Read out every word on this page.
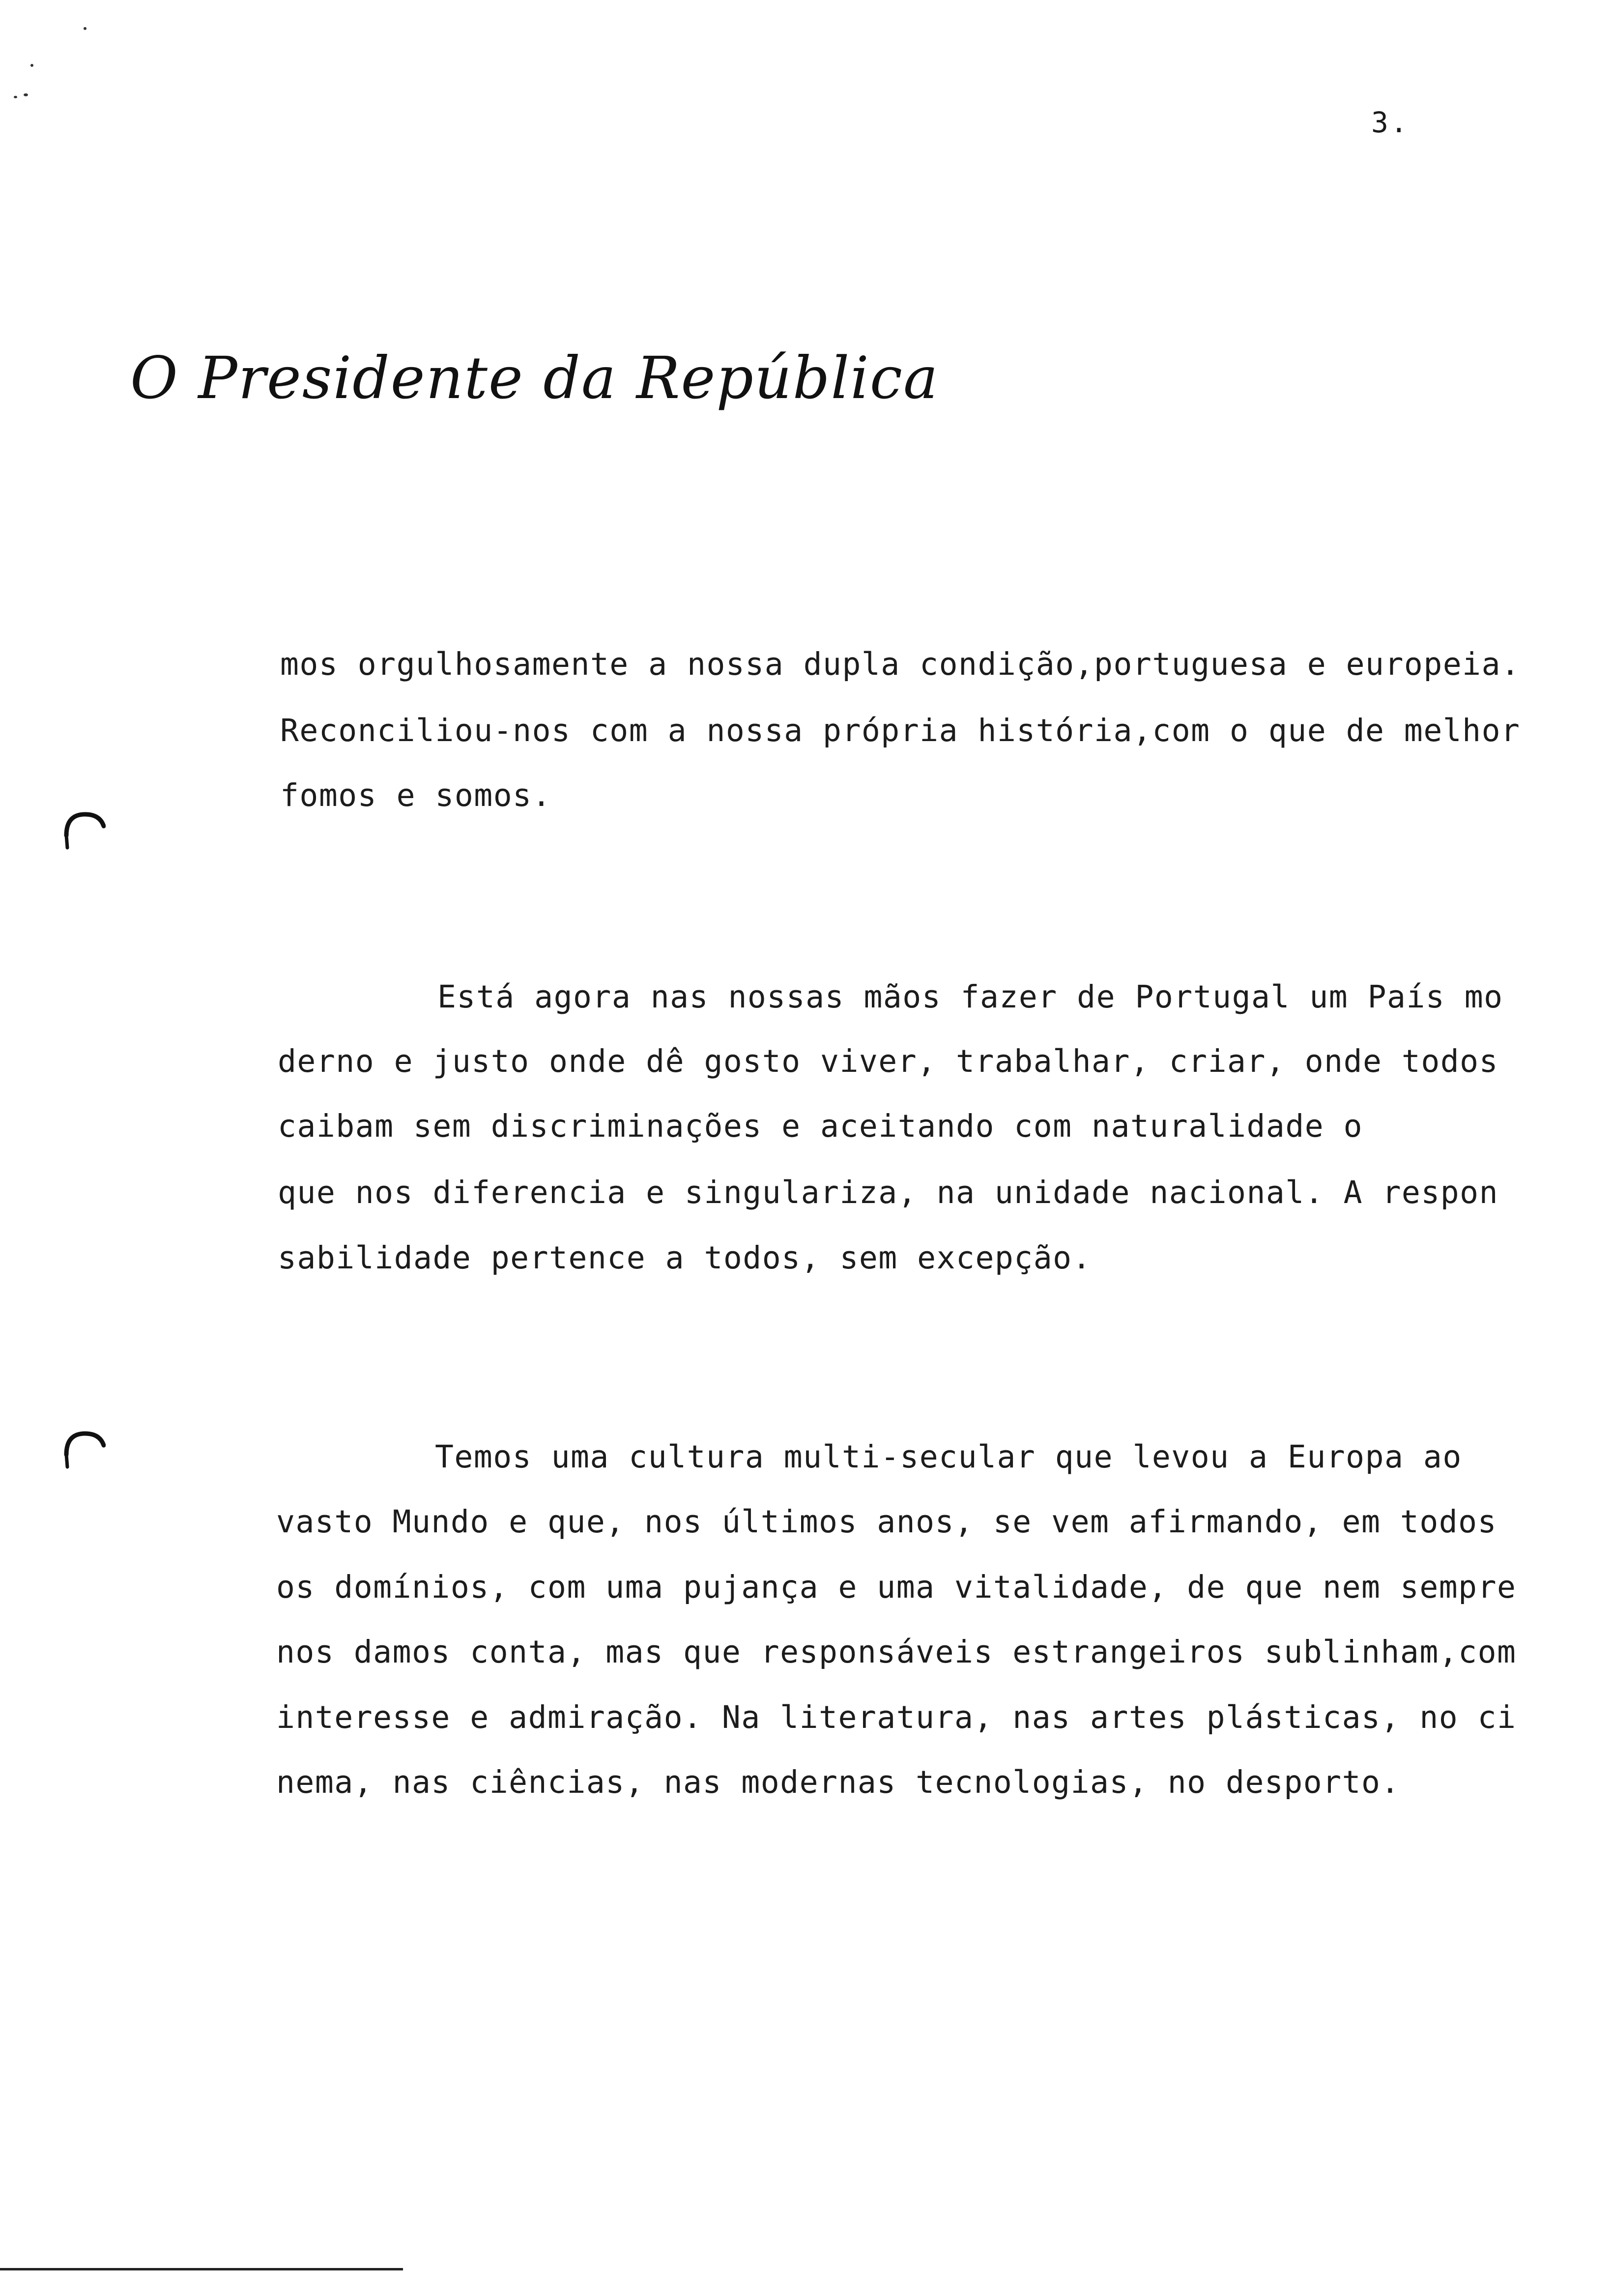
3.
O Presidente da República
mos orgulhosamente a nossa dupla condição,portuguesa e europeia.
Reconciliou-nos com a nossa própria história,com o que de melhor
fomos e somos.
Está agora nas nossas mãos fazer de Portugal um País mo
derno e justo onde dê gosto viver, trabalhar, criar, onde todos
caibam sem discriminações e aceitando com naturalidade o
que nos diferencia e singulariza, na unidade nacional. A respon
sabilidade pertence a todos, sem excepção.
Temos uma cultura multi-secular que levou a Europa ao
vasto Mundo e que, nos últimos anos, se vem afirmando, em todos
os domínios, com uma pujança e uma vitalidade, de que nem sempre
nos damos conta, mas que responsáveis estrangeiros sublinham,com
interesse e admiração. Na literatura, nas artes plásticas, no ci
nema, nas ciências, nas modernas tecnologias, no desporto.
